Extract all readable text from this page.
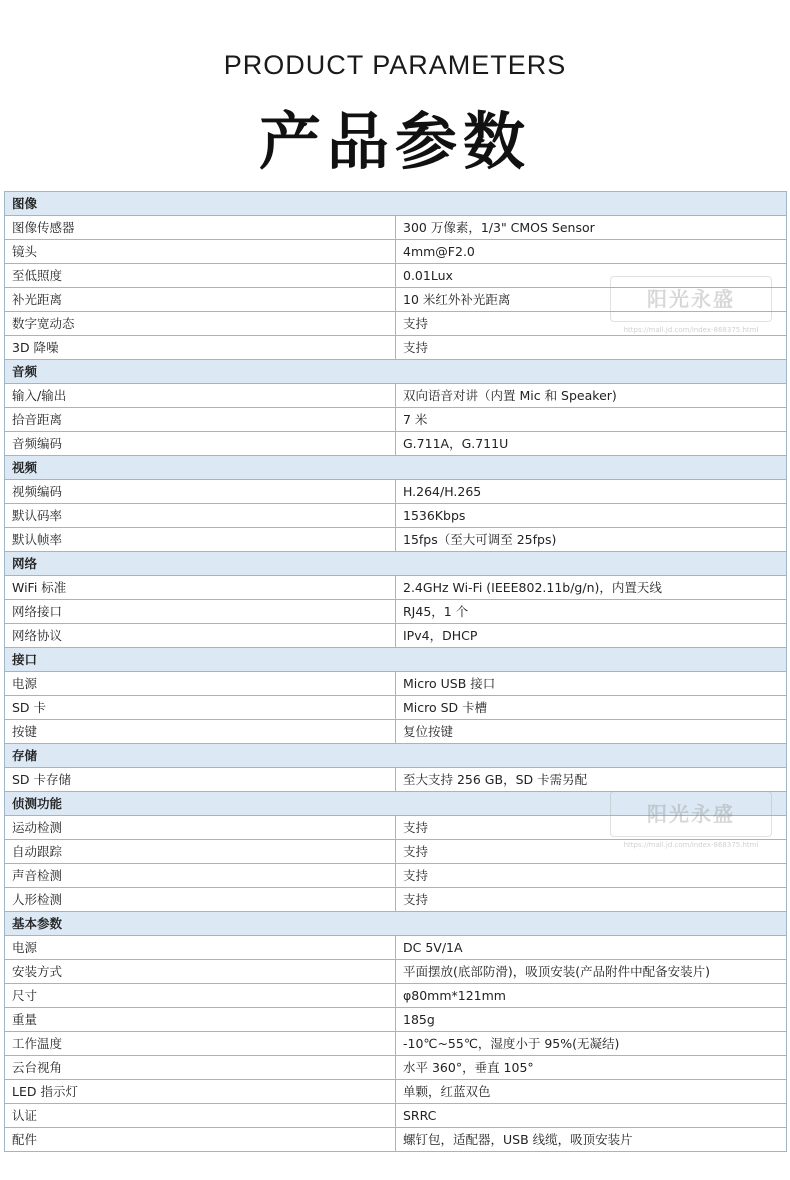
PRODUCT PARAMETERS
产品参数
图像	
图像传感器	300 万像素，1/3" CMOS Sensor
镜头	4mm@F2.0
至低照度	0.01Lux
补光距离	10 米红外补光距离
数字宽动态	支持
3D 降噪	支持
音频	
输入/输出	双向语音对讲（内置 Mic 和 Speaker)
拾音距离	7 米
音频编码	G.711A，G.711U
视频	
视频编码	H.264/H.265
默认码率	1536Kbps
默认帧率	15fps（至大可调至 25fps)
网络	
WiFi 标准	2.4GHz Wi-Fi (IEEE802.11b/g/n)，内置天线
网络接口	RJ45，1 个
网络协议	IPv4，DHCP
接口	
电源	Micro USB 接口
SD 卡	Micro SD 卡槽
按键	复位按键
存储	
SD 卡存储	至大支持 256 GB，SD 卡需另配
侦测功能	
运动检测	支持
自动跟踪	支持
声音检测	支持
人形检测	支持
基本参数	
电源	DC 5V/1A
安装方式	平面摆放(底部防滑)，吸顶安装(产品附件中配备安装片)
尺寸	φ80mm*121mm
重量	185g
工作温度	-10℃~55℃，湿度小于 95%(无凝结)
云台视角	水平 360°，垂直 105°
LED 指示灯	单颗，红蓝双色
认证	SRRC
配件	螺钉包，适配器，USB 线缆，吸顶安装片
阳光永盛
https://mall.jd.com/index-868375.html
阳光永盛
https://mall.jd.com/index-868375.html
